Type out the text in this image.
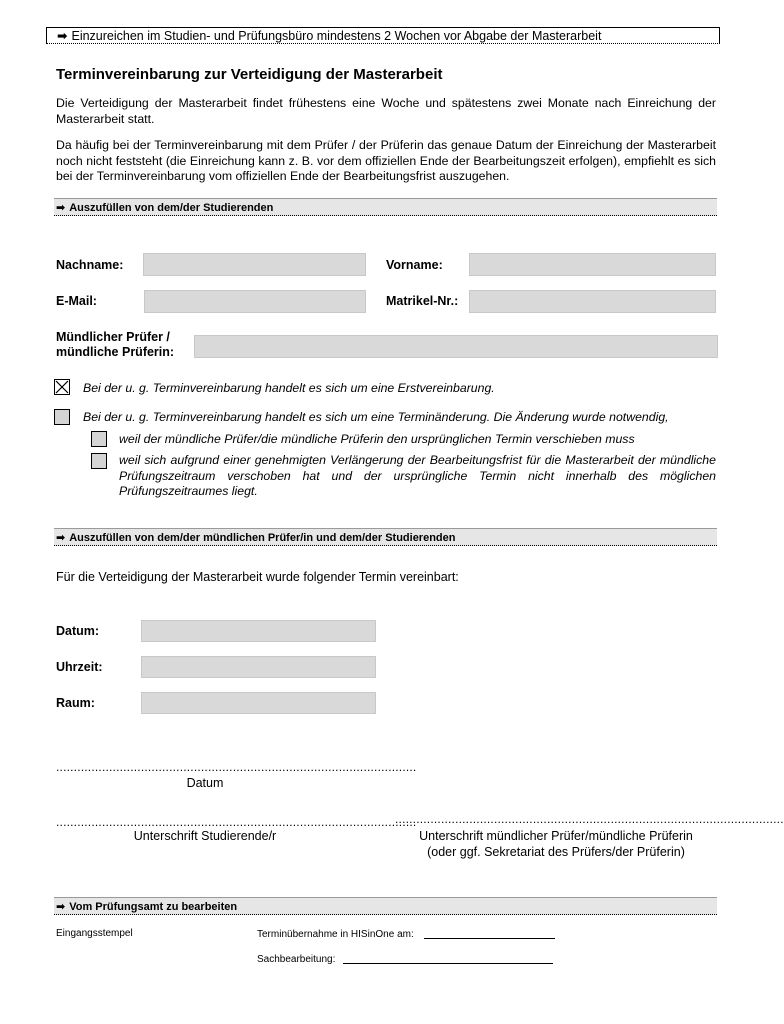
➡ Einzureichen im Studien- und Prüfungsbüro mindestens 2 Wochen vor Abgabe der Masterarbeit
Terminvereinbarung zur Verteidigung der Masterarbeit
Die Verteidigung der Masterarbeit findet frühestens eine Woche und spätestens zwei Monate nach Einreichung der Masterarbeit statt.
Da häufig bei der Terminvereinbarung mit dem Prüfer / der Prüferin das genaue Datum der Einreichung der Masterarbeit noch nicht feststeht (die Einreichung kann z. B. vor dem offiziellen Ende der Bearbeitungszeit erfolgen), empfiehlt es sich bei der Terminvereinbarung vom offiziellen Ende der Bearbeitungsfrist auszugehen.
➡ Auszufüllen von dem/der Studierenden
Nachname:	Vorname:
E-Mail:	Matrikel-Nr.:
Mündlicher Prüfer /
mündliche Prüferin:
Bei der u. g. Terminvereinbarung handelt es sich um eine Erstvereinbarung.
Bei der u. g. Terminvereinbarung handelt es sich um eine Terminänderung. Die Änderung wurde notwendig,
weil der mündliche Prüfer/die mündliche Prüferin den ursprünglichen Termin verschieben muss
weil sich aufgrund einer genehmigten Verlängerung der Bearbeitungsfrist für die Masterarbeit der mündliche Prüfungszeitraum verschoben hat und der ursprüngliche Termin nicht innerhalb des möglichen Prüfungszeitraumes liegt.
➡ Auszufüllen von dem/der mündlichen Prüfer/in und dem/der Studierenden
Für die Verteidigung der Masterarbeit wurde folgender Termin vereinbart:
Datum:
Uhrzeit:
Raum:
......................................................................................................
Datum
......................................................................................................
Unterschrift Studierende/r
..............................................................................................................
Unterschrift mündlicher Prüfer/mündliche Prüferin
(oder ggf. Sekretariat des Prüfers/der Prüferin)
➡ Vom Prüfungsamt zu bearbeiten
Eingangsstempel	Terminübernahme in HISinOne am:
Sachbearbeitung:
